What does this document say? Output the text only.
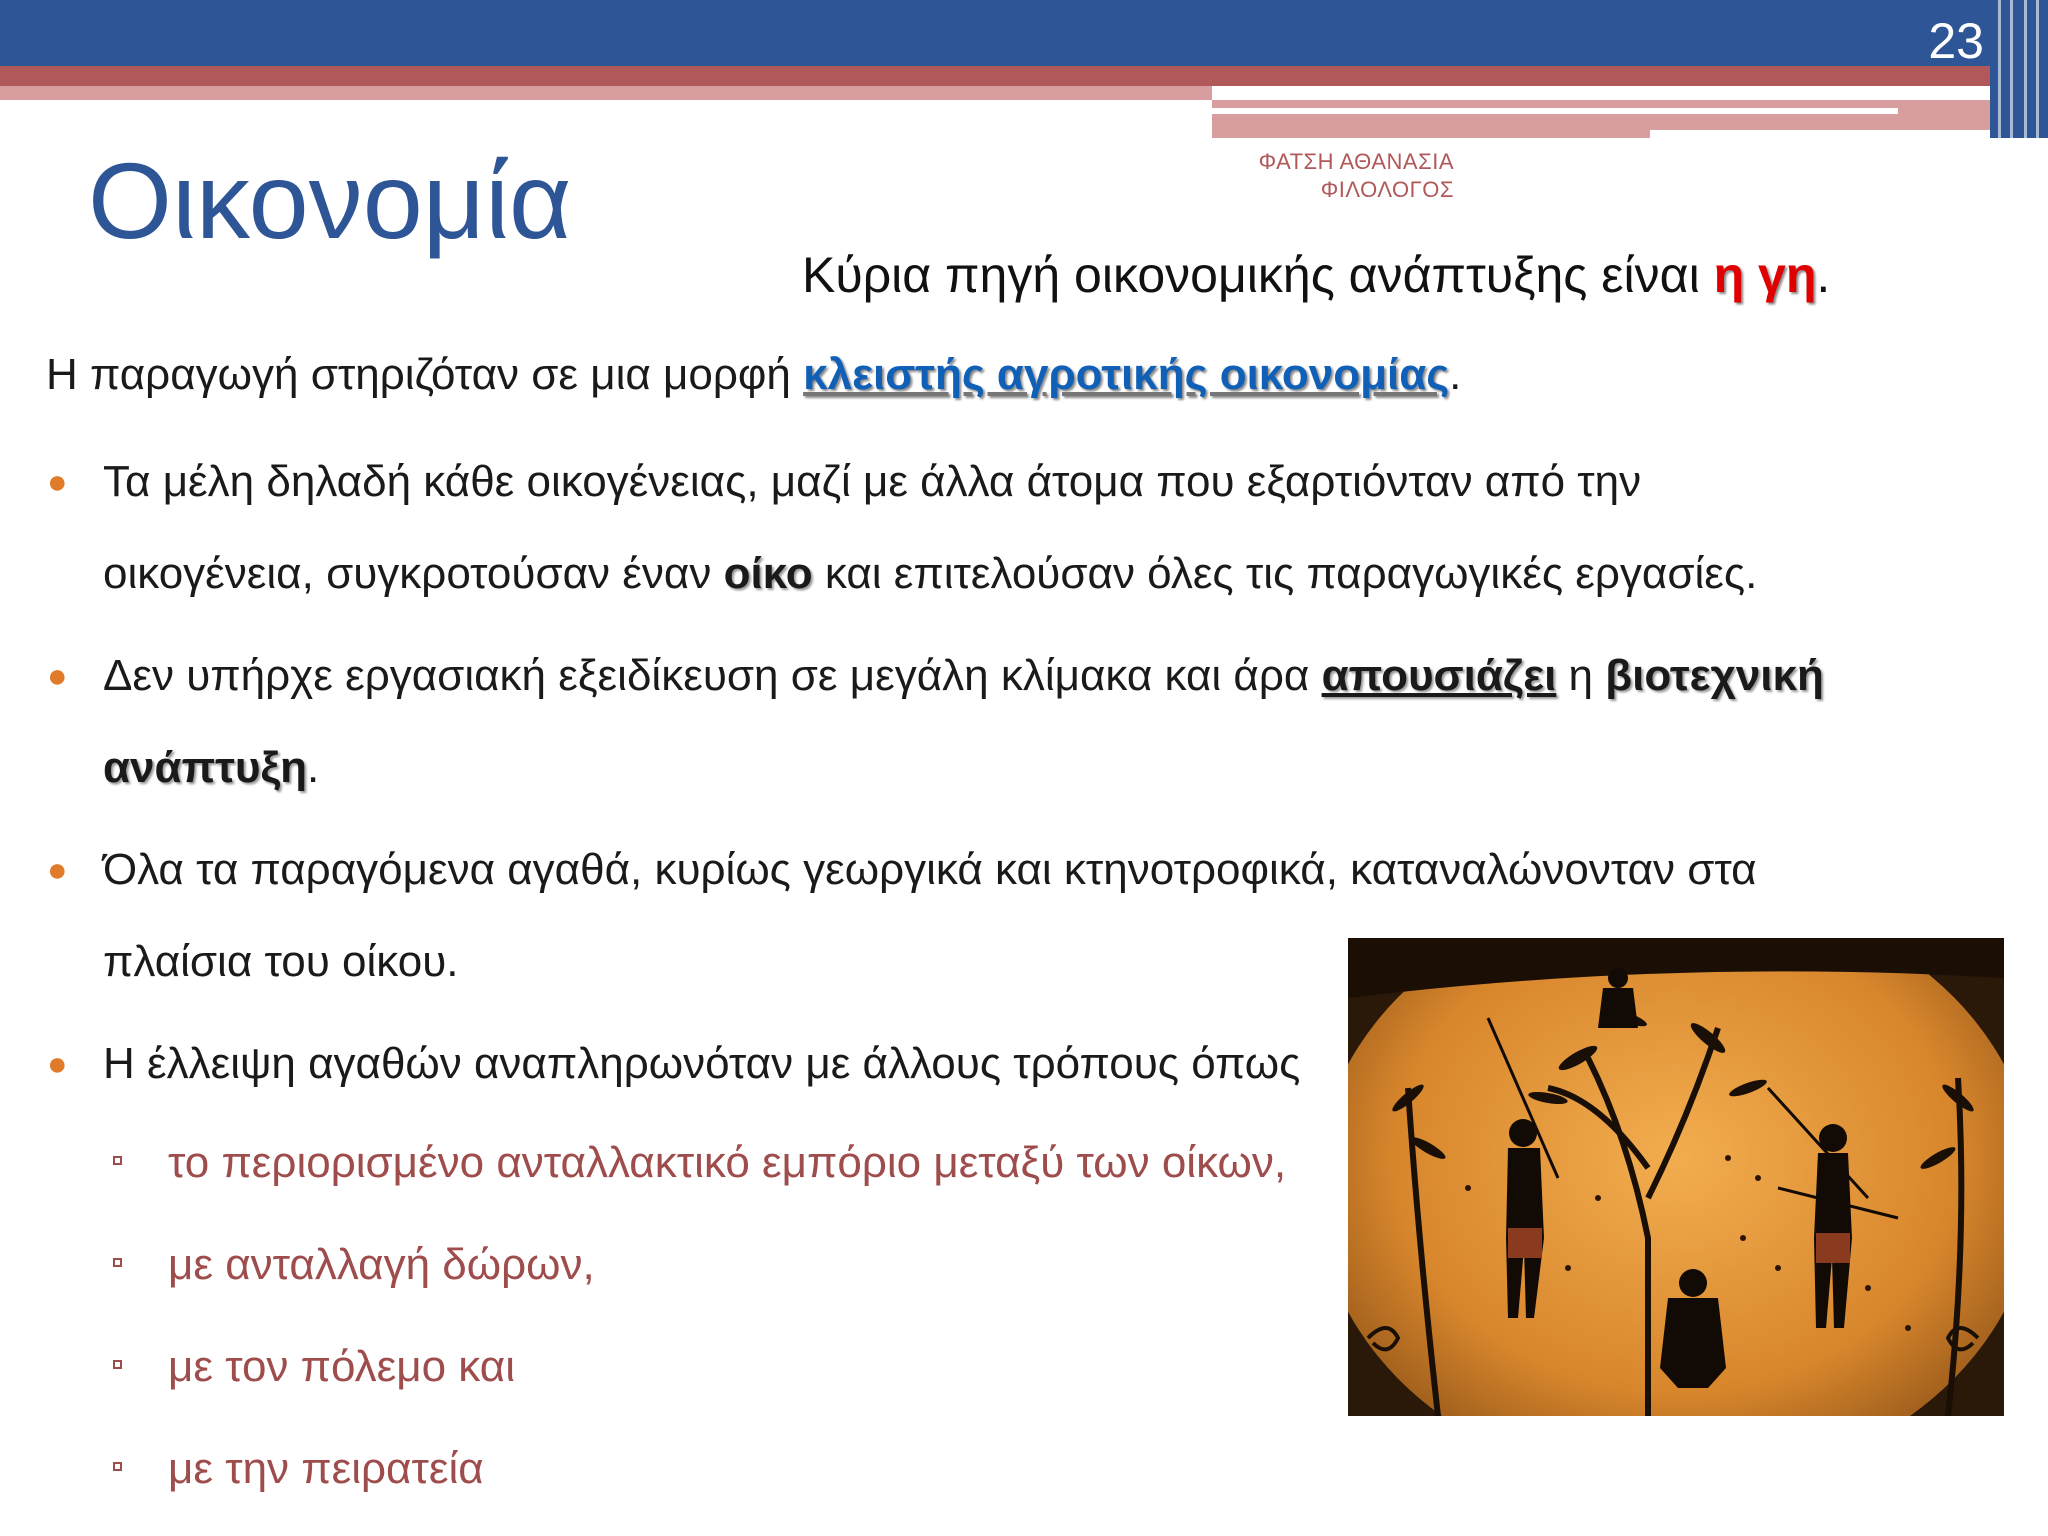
23
ΦΑΤΣΗ ΑΘΑΝΑΣΙΑ
ΦΙΛΟΛΟΓΟΣ
Οικονομία
Κύρια πηγή οικονομικής ανάπτυξης είναι η γη.
Η παραγωγή στηριζόταν σε μια μορφή κλειστής αγροτικής οικονομίας.
● Τα μέλη δηλαδή κάθε οικογένειας, μαζί με άλλα άτομα που εξαρτιόνταν από την
οικογένεια, συγκροτούσαν έναν οίκο και επιτελούσαν όλες τις παραγωγικές εργασίες.
● Δεν υπήρχε εργασιακή εξειδίκευση σε μεγάλη κλίμακα και άρα απουσιάζει η βιοτεχνική
ανάπτυξη.
● Όλα τα παραγόμενα αγαθά, κυρίως γεωργικά και κτηνοτροφικά, καταναλώνονταν στα
πλαίσια του οίκου.
● Η έλλειψη αγαθών αναπληρωνόταν με άλλους τρόπους όπως
το περιορισμένο ανταλλακτικό εμπόριο μεταξύ των οίκων,
με ανταλλαγή δώρων,
με τον πόλεμο και
με την πειρατεία
